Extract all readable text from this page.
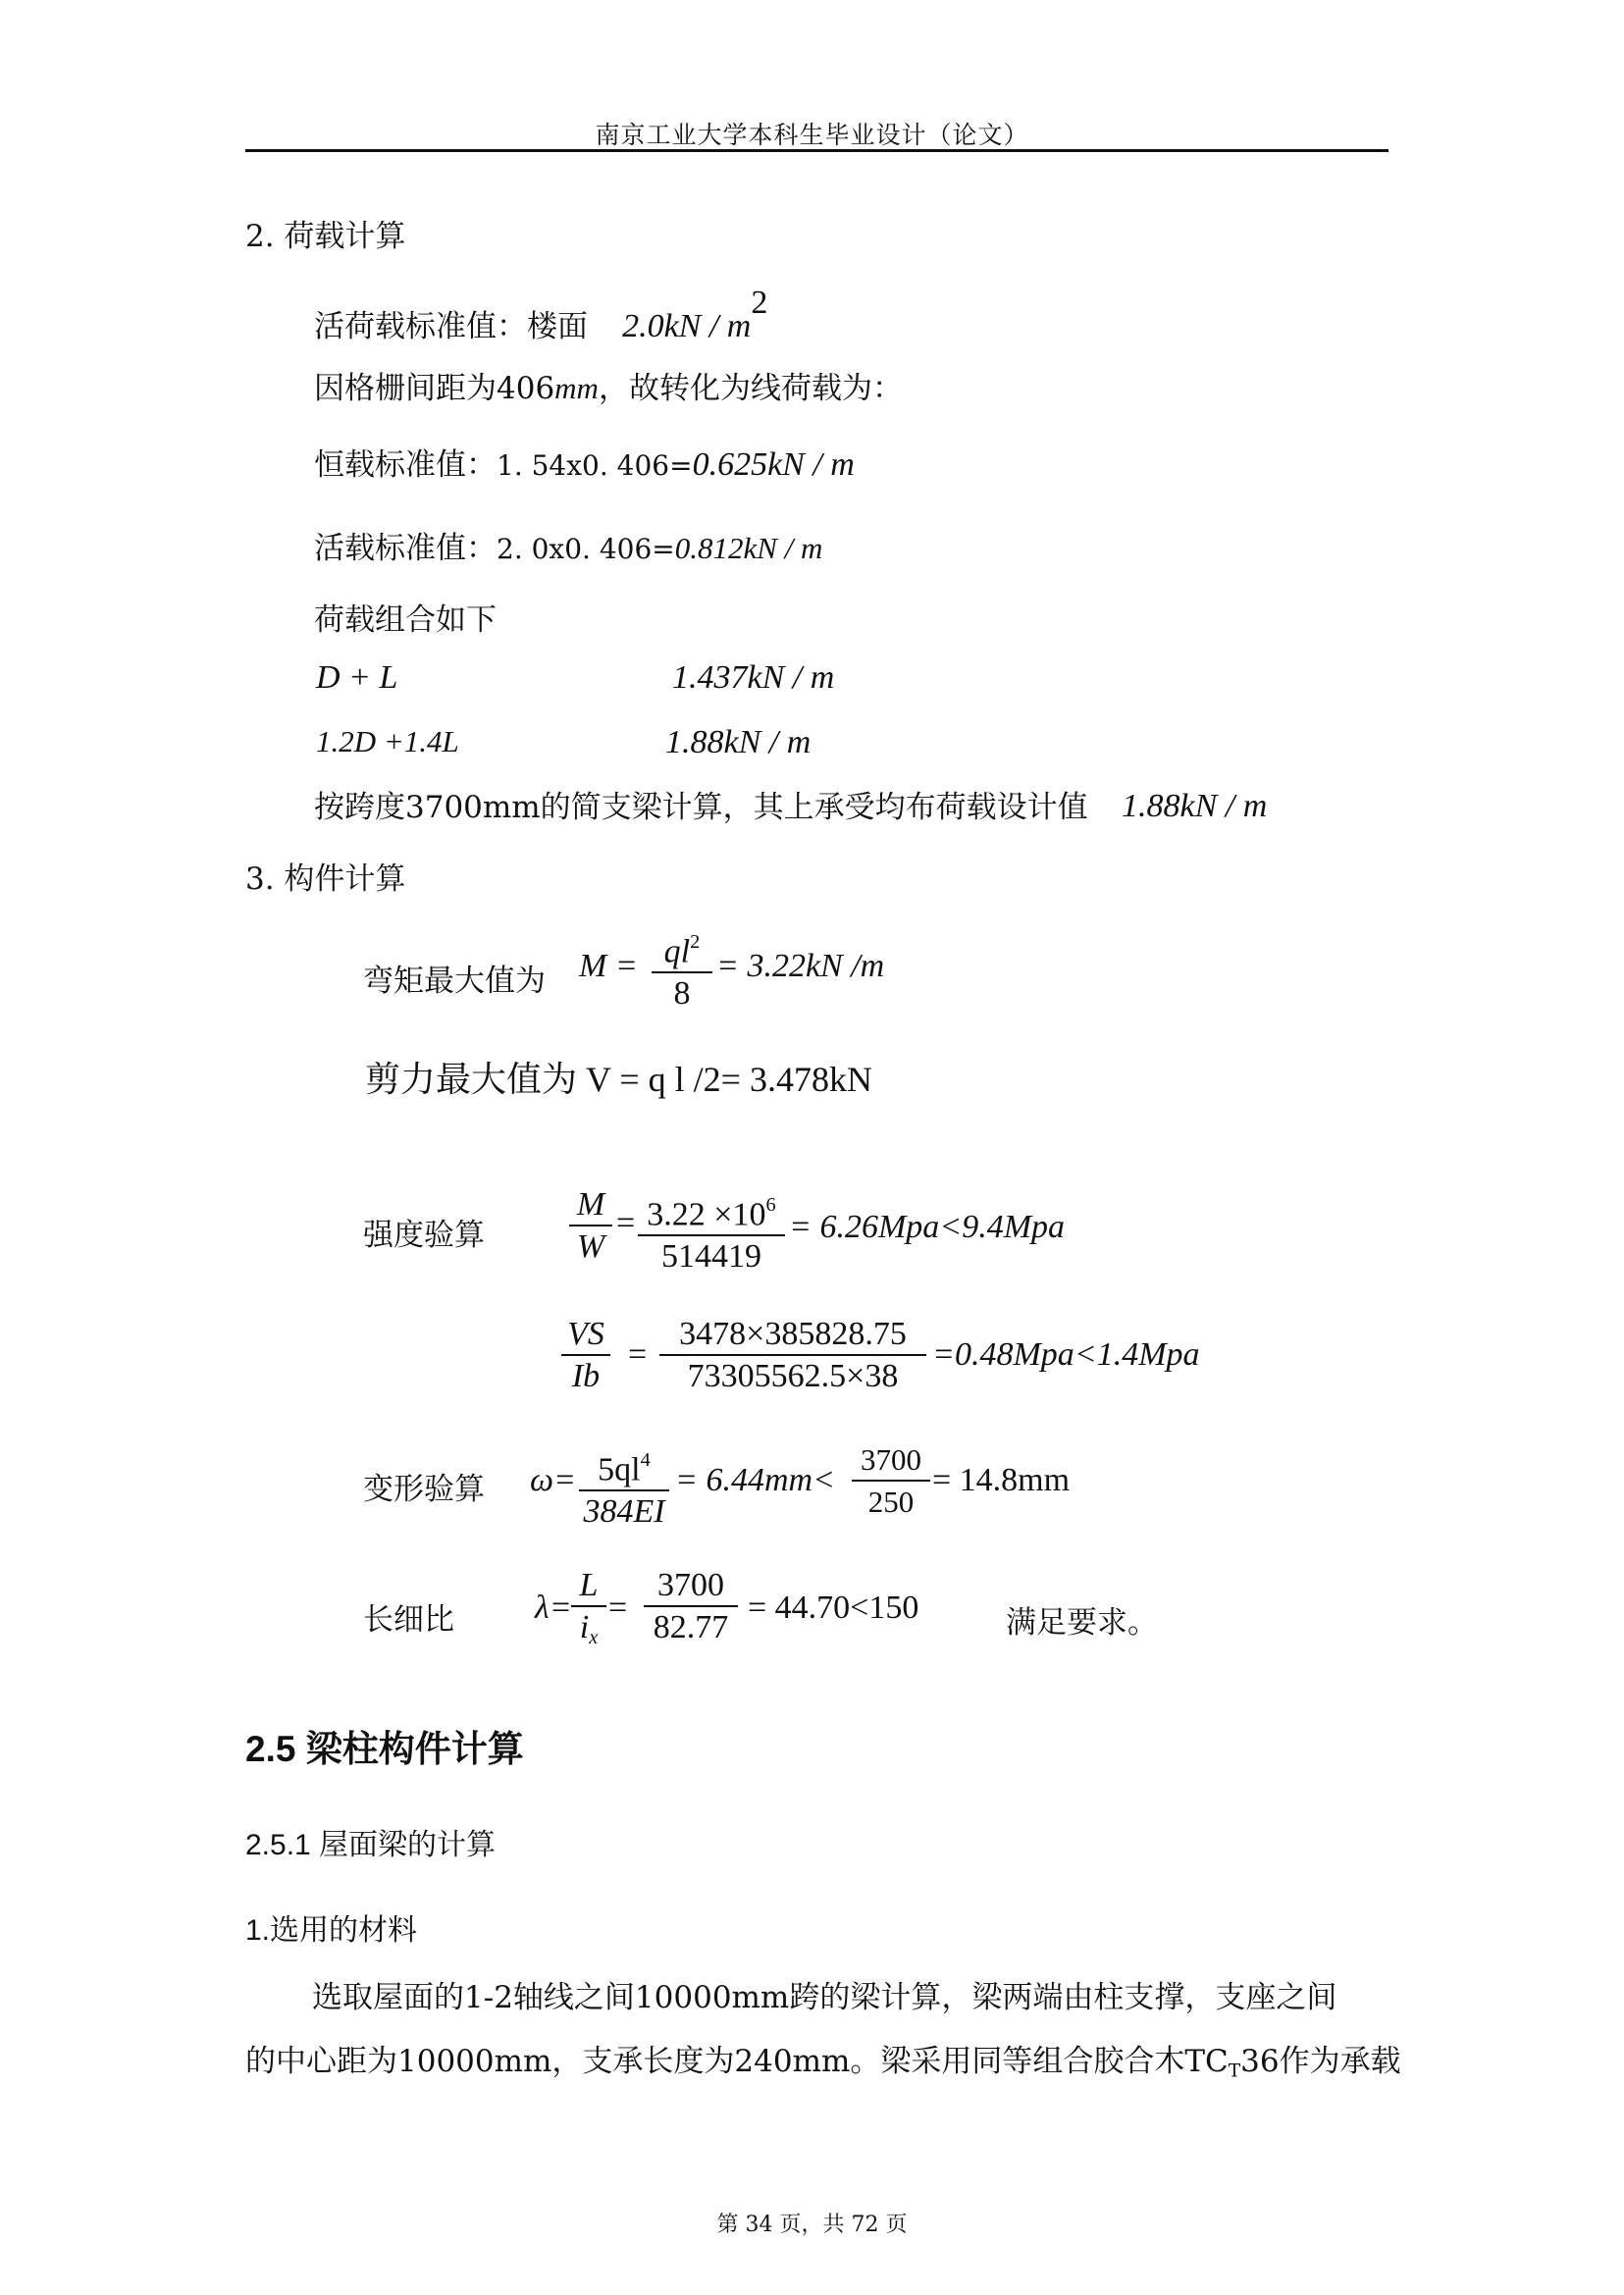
南京工业大学本科生毕业设计（论文）
2. 荷载计算
活荷载标准值：楼面 $2.0kN / m^2$
因格栅间距为406mm，故转化为线荷载为：
恒载标准值：1. 54x0. 406=0.625kN / m
活载标准值：2. 0x0. 406=0.812kN / m
荷载组合如下
D + L	1.437kN / m
1.2D +1.4L	1.88kN / m
按跨度3700mm的简支梁计算，其上承受均布荷载设计值 1.88kN / m
3. 构件计算
弯矩最大值为 $M = \frac{ql^2}{8} = 3.22kN$ /m
剪力最大值为 V = q l /2= 3.478kN
强度验算	$\frac{M}{W} = \frac{3.22 \times 10^6}{514419} = 6.26Mpa<9.4Mpa$
$\frac{VS}{Ib} = \frac{3478\times 385828.75}{73305562.5\times 38} =0.48Mpa<1.4Mpa$
变形验算 $\omega= \frac{5ql^4}{384EI} = 6.44mm< \frac{3700}{250} = 14.8mm$
长细比 $\lambda= \frac{L}{i_x} = \frac{3700}{82.77} = 44.70<150$	满足要求。
2.5 梁柱构件计算
2.5.1 屋面梁的计算
1.选用的材料
选取屋面的1-2轴线之间10000mm跨的梁计算，梁两端由柱支撑，支座之间
的中心距为10000mm，支承长度为240mm。梁采用同等组合胶合木$TC_T36$作为承载
第 34 页，共 72 页
